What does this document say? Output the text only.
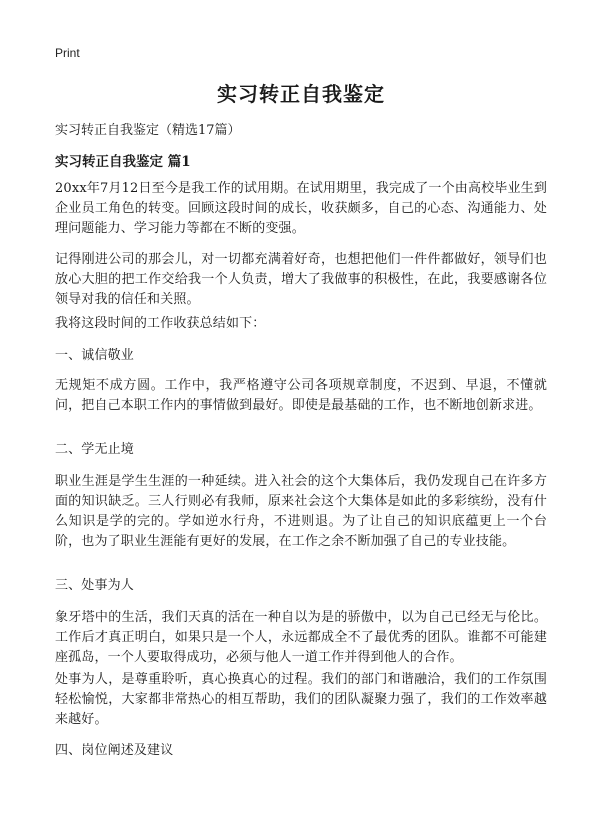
Print
实习转正自我鉴定
实习转正自我鉴定（精选17篇）
实习转正自我鉴定 篇1
20xx年7月12日至今是我工作的试用期。在试用期里，我完成了一个由高校毕业生到企业员工角色的转变。回顾这段时间的成长，收获颇多，自己的心态、沟通能力、处理问题能力、学习能力等都在不断的变强。
记得刚进公司的那会儿，对一切都充满着好奇，也想把他们一件件都做好，领导们也放心大胆的把工作交给我一个人负责，增大了我做事的积极性，在此，我要感谢各位领导对我的信任和关照。
我将这段时间的工作收获总结如下：
一、诚信敬业
无规矩不成方圆。工作中，我严格遵守公司各项规章制度，不迟到、早退，不懂就问，把自己本职工作内的事情做到最好。即使是最基础的工作，也不断地创新求进。
二、学无止境
职业生涯是学生生涯的一种延续。进入社会的这个大集体后，我仍发现自己在许多方面的知识缺乏。三人行则必有我师，原来社会这个大集体是如此的多彩缤纷，没有什么知识是学的完的。学如逆水行舟，不进则退。为了让自己的知识底蕴更上一个台阶，也为了职业生涯能有更好的发展，在工作之余不断加强了自己的专业技能。
三、处事为人
象牙塔中的生活，我们天真的活在一种自以为是的骄傲中，以为自己已经无与伦比。工作后才真正明白，如果只是一个人，永远都成全不了最优秀的团队。谁都不可能建座孤岛，一个人要取得成功，必须与他人一道工作并得到他人的合作。
处事为人，是尊重聆听，真心换真心的过程。我们的部门和谐融洽，我们的工作氛围轻松愉悦，大家都非常热心的相互帮助，我们的团队凝聚力强了，我们的工作效率越来越好。
四、岗位阐述及建议
